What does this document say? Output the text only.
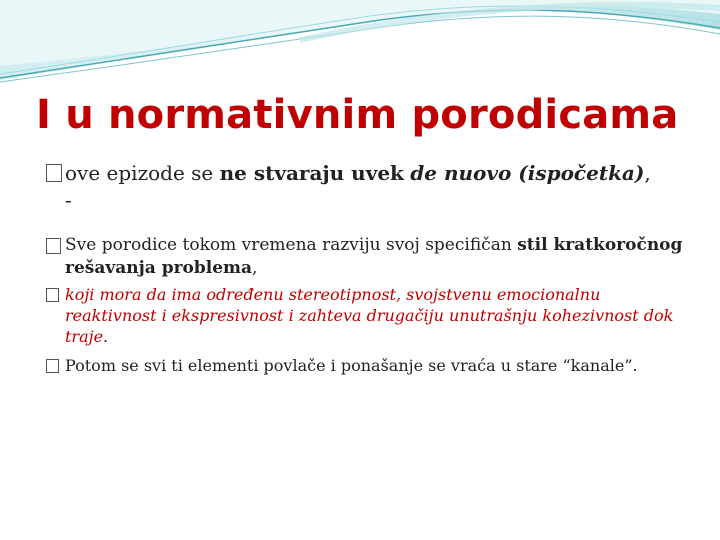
I u normativnim porodicama

ove epizode se ne stvaraju uvek de nuovo (ispočetka),
-

Sve porodice tokom vremena razviju svoj specifičan stil kratkoročnog rešavanja problema,

koji mora da ima određenu stereotipnost, svojstvenu emocionalnu reaktivnost i ekspresivnost i zahteva drugačiju unutrašnju kohezivnost dok traje.

Potom se svi ti elementi povlače i ponašanje se vraća u stare “kanale”.
